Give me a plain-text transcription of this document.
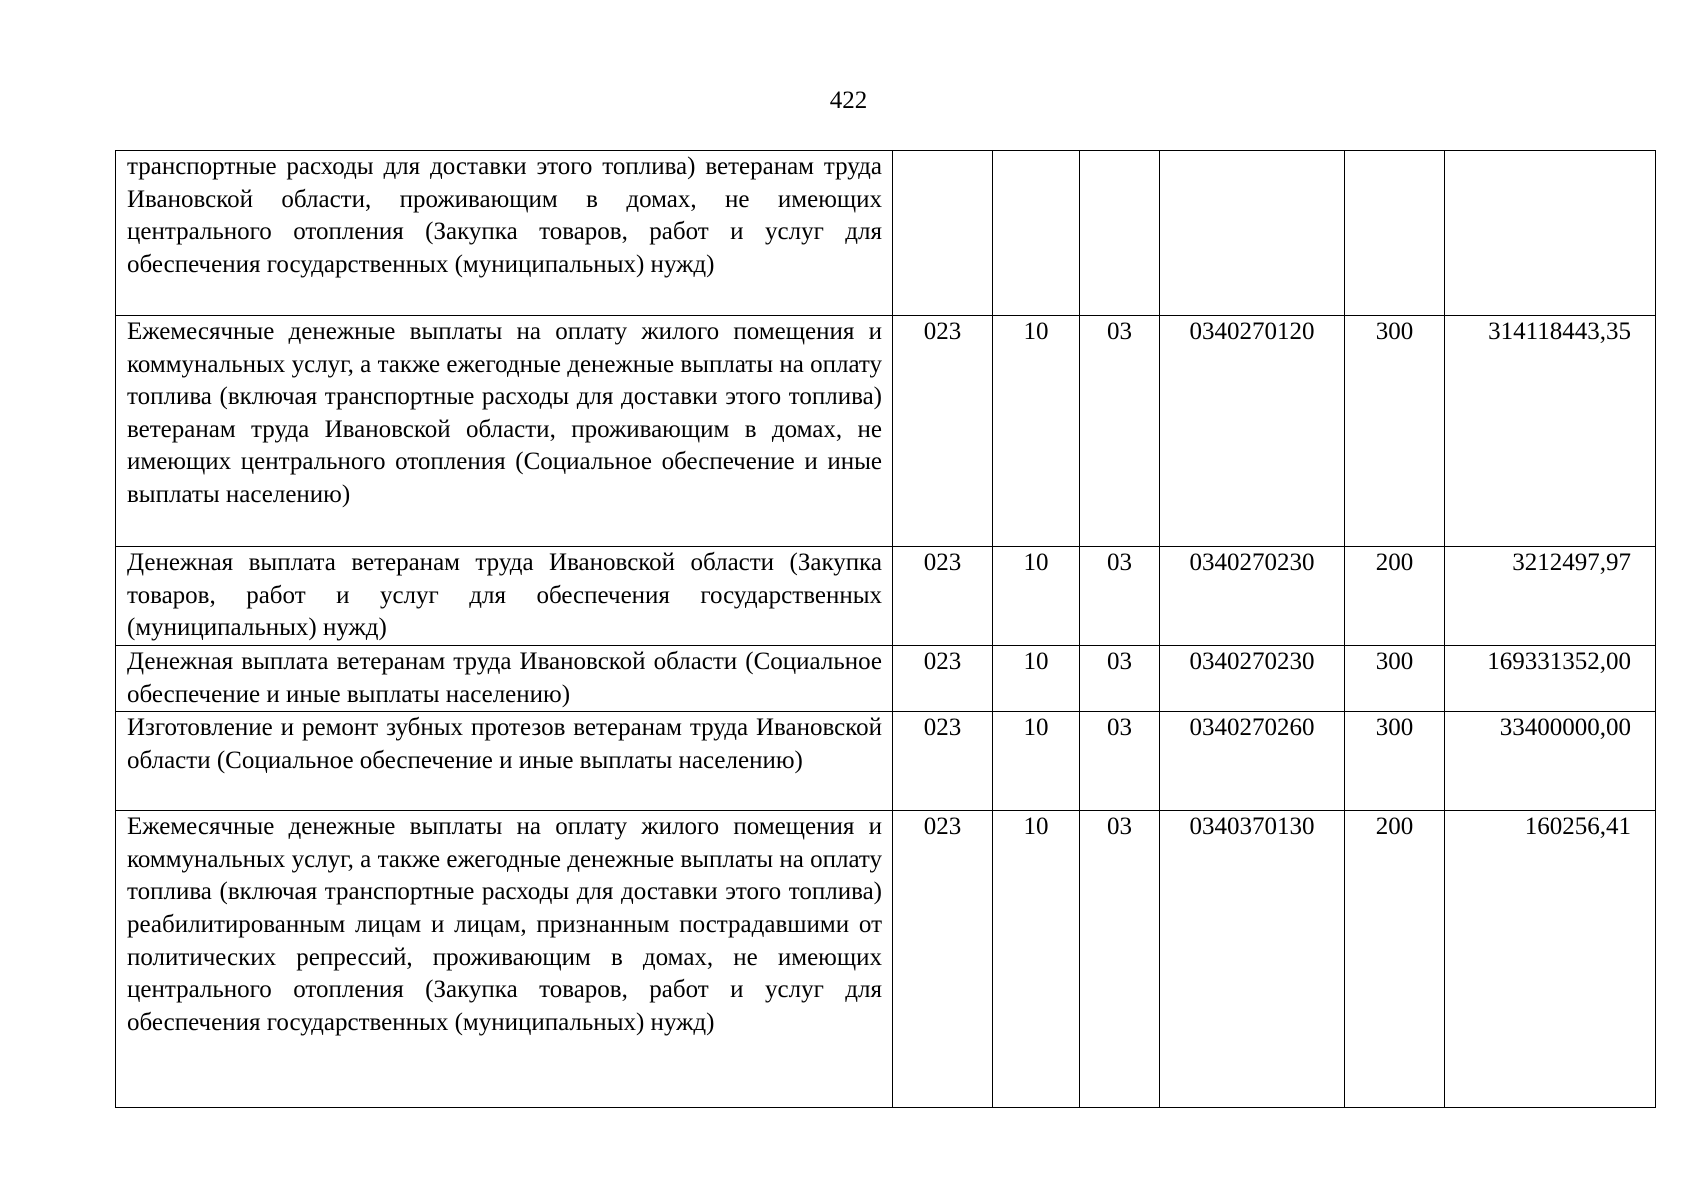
422
транспортные расходы для доставки этого топлива) ветеранам труда Ивановской области, проживающим в домах, не имеющих центрального отопления (Закупка товаров, работ и услуг для обеспечения государственных (муниципальных) нужд)						
Ежемесячные денежные выплаты на оплату жилого помещения и коммунальных услуг, а также ежегодные денежные выплаты на оплату топлива (включая транспортные расходы для доставки этого топлива) ветеранам труда Ивановской области, проживающим в домах, не имеющих центрального отопления (Социальное обеспечение и иные выплаты населению)	023	10	03	0340270120	300	314118443,35
Денежная выплата ветеранам труда Ивановской области (Закупка товаров, работ и услуг для обеспечения государственных (муниципальных) нужд)	023	10	03	0340270230	200	3212497,97
Денежная выплата ветеранам труда Ивановской области (Социальное обеспечение и иные выплаты населению)	023	10	03	0340270230	300	169331352,00
Изготовление и ремонт зубных протезов ветеранам труда Ивановской области (Социальное обеспечение и иные выплаты населению)	023	10	03	0340270260	300	33400000,00
Ежемесячные денежные выплаты на оплату жилого помещения и коммунальных услуг, а также ежегодные денежные выплаты на оплату топлива (включая транспортные расходы для доставки этого топлива) реабилитированным лицам и лицам, признанным пострадавшими от политических репрессий, проживающим в домах, не имеющих центрального отопления (Закупка товаров, работ и услуг для обеспечения государственных (муниципальных) нужд)	023	10	03	0340370130	200	160256,41
